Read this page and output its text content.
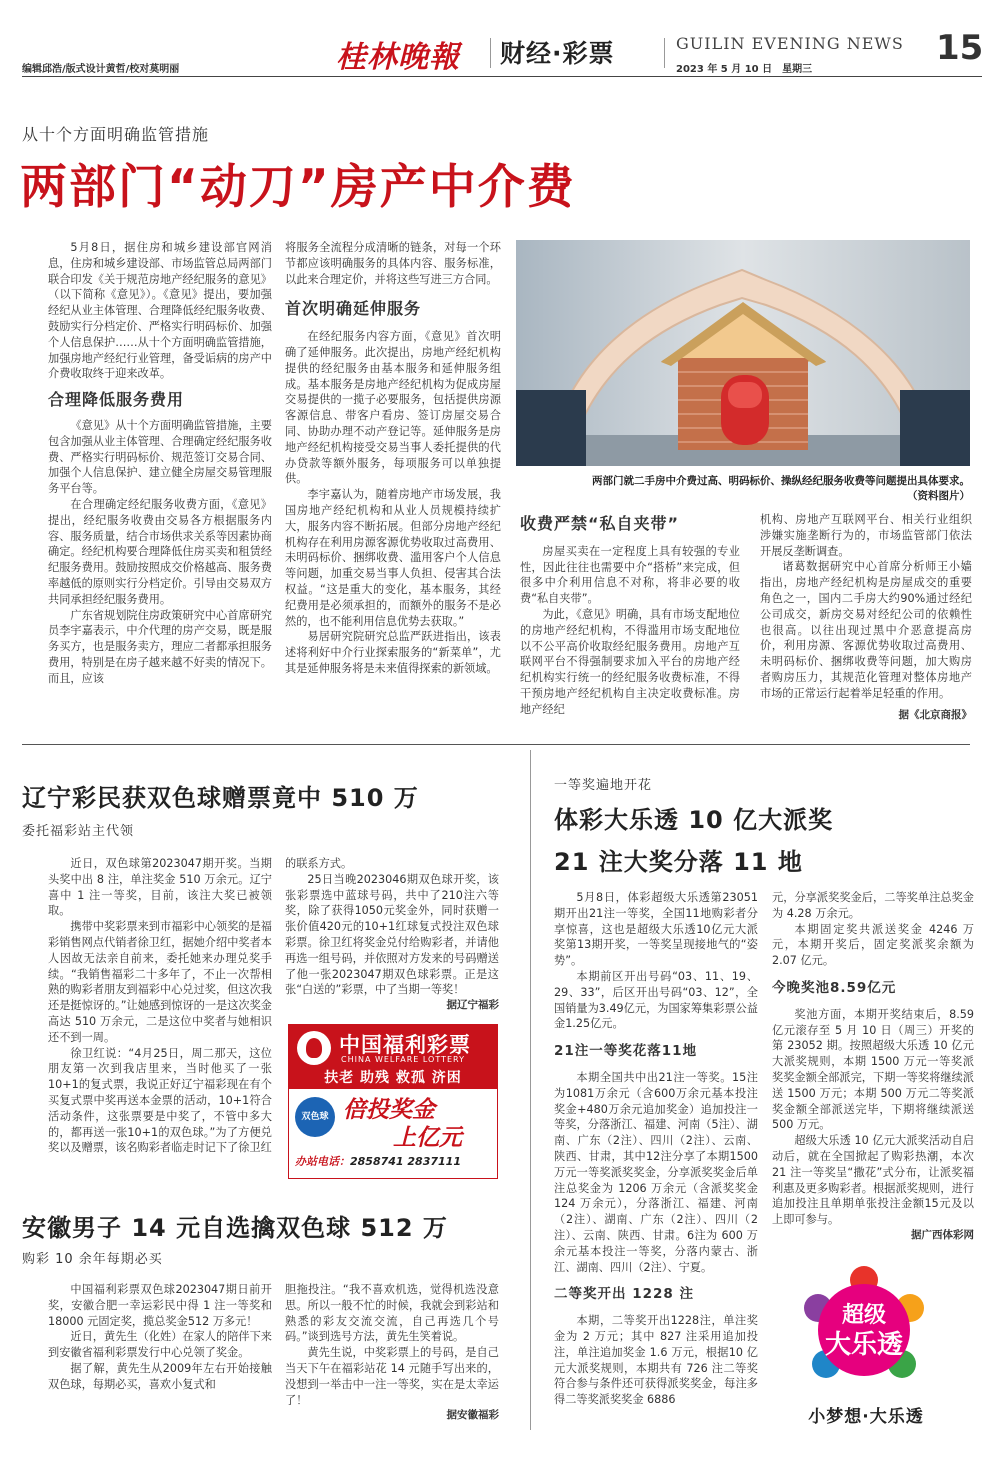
编辑邱浩/版式设计黄哲/校对莫明丽	桂林晚報 财经·彩票	GUILIN EVENING NEWS
2023 年 5 月 10 日　星期三
15
从十个方面明确监管措施
两部门“动刀”房产中介费

5月8日，据住房和城乡建设部官网消息，住房和城乡建设部、市场监管总局两部门联合印发《关于规范房地产经纪服务的意见》（以下简称《意见》）。《意见》提出，要加强经纪从业主体管理、合理降低经纪服务收费、鼓励实行分档定价、严格实行明码标价、加强个人信息保护……从十个方面明确监管措施，加强房地产经纪行业管理，备受诟病的房产中介费收取终于迎来改革。

合理降低服务费用

《意见》从十个方面明确监管措施，主要包含加强从业主体管理、合理确定经纪服务收费、严格实行明码标价、规范签订交易合同、加强个人信息保护、建立健全房屋交易管理服务平台等。

在合理确定经纪服务收费方面，《意见》提出，经纪服务收费由交易各方根据服务内容、服务质量，结合市场供求关系等因素协商确定。经纪机构要合理降低住房买卖和租赁经纪服务费用。鼓励按照成交价格越高、服务费率越低的原则实行分档定价。引导由交易双方共同承担经纪服务费用。

广东省规划院住房政策研究中心首席研究员李宇嘉表示，中介代理的房产交易，既是服务买方，也是服务卖方，理应二者都承担服务费用，特别是在房子越来越不好卖的情况下。而且，应该

将服务全流程分成清晰的链条，对每一个环节都应该明确服务的具体内容、服务标准，以此来合理定价，并将这些写进三方合同。

首次明确延伸服务

在经纪服务内容方面，《意见》首次明确了延伸服务。此次提出，房地产经纪机构提供的经纪服务由基本服务和延伸服务组成。基本服务是房地产经纪机构为促成房屋交易提供的一揽子必要服务，包括提供房源客源信息、带客户看房、签订房屋交易合同、协助办理不动产登记等。延伸服务是房地产经纪机构接受交易当事人委托提供的代办贷款等额外服务，每项服务可以单独提供。

李宇嘉认为，随着房地产市场发展，我国房地产经纪机构和从业人员规模持续扩大，服务内容不断拓展。但部分房地产经纪机构存在利用房源客源优势收取过高费用、未明码标价、捆绑收费、滥用客户个人信息等问题，加重交易当事人负担、侵害其合法权益。“这是重大的变化，基本服务，其经纪费用是必须承担的，而额外的服务不是必然的，也不能利用信息优势去获取。”

易居研究院研究总监严跃进指出，该表述将利好中介行业探索服务的“新菜单”，尤其是延伸服务将是未来值得探索的新领域。

两部门就二手房中介费过高、明码标价、操纵经纪服务收费等问题提出具体要求。
（资料图片）
收费严禁“私自夹带”

房屋买卖在一定程度上具有较强的专业性，因此往往也需要中介“搭桥”来完成，但很多中介利用信息不对称，将非必要的收费“私自夹带”。

为此，《意见》明确，具有市场支配地位的房地产经纪机构，不得滥用市场支配地位以不公平高价收取经纪服务费用。房地产互联网平台不得强制要求加入平台的房地产经纪机构实行统一的经纪服务收费标准，不得干预房地产经纪机构自主决定收费标准。房地产经纪

机构、房地产互联网平台、相关行业组织涉嫌实施垄断行为的，市场监管部门依法开展反垄断调查。

诸葛数据研究中心首席分析师王小嫱指出，房地产经纪机构是房屋成交的重要角色之一，国内二手房大约90%通过经纪公司成交，新房交易对经纪公司的依赖性也很高。以往出现过黑中介恶意提高房价，利用房源、客源优势收取过高费用、未明码标价、捆绑收费等问题，加大购房者购房压力，其规范化管理对整体房地产市场的正常运行起着举足轻重的作用。

据《北京商报》
辽宁彩民获双色球赠票竟中 510 万
委托福彩站主代领

近日，双色球第2023047期开奖。当期头奖中出 8 注，单注奖金 510 万余元。辽宁喜中 1 注一等奖，目前，该注大奖已被领取。

携带中奖彩票来到市福彩中心领奖的是福彩销售网点代销者徐卫红，据她介绍中奖者本人因故无法亲自前来，委托她来办理兑奖手续。“我销售福彩二十多年了，不止一次帮相熟的购彩者朋友到福彩中心兑过奖，但这次我还是挺惊讶的。”让她感到惊讶的一是这次奖金高达 510 万余元，二是这位中奖者与她相识还不到一周。

徐卫红说：“4月25日，周二那天，这位朋友第一次到我店里来，当时他买了一张10+1的复式票，我说正好辽宁福彩现在有个买复式票中奖再送本金票的活动，10+1符合活动条件，这张票要是中奖了，不管中多大的，都再送一张10+1的双色球。”为了方便兑奖以及赠票，该名购彩者临走时记下了徐卫红

的联系方式。

25日当晚2023046期双色球开奖，该张彩票选中蓝球号码，共中了210注六等奖，除了获得1050元奖金外，同时获赠一张价值420元的10+1红球复式投注双色球彩票。徐卫红将奖金兑付给购彩者，并请他再选一组号码，并依照对方发来的号码赠送了他一张2023047期双色球彩票。正是这张“白送的”彩票，中了当期一等奖！

据辽宁福彩
中国福利彩票
CHINA WELFARE LOTTERY
扶老 助残 救孤 济困
双色球 倍投奖金
上亿元
办站电话：2858741 2837111
安徽男子 14 元自选擒双色球 512 万
购彩 10 余年每期必买

中国福利彩票双色球2023047期日前开奖，安徽合肥一幸运彩民中得 1 注一等奖和 18000 元固定奖，揽总奖金512 万多元！

近日，黄先生（化姓）在家人的陪伴下来到安徽省福利彩票发行中心兑领了奖金。

据了解，黄先生从2009年左右开始接触双色球，每期必买，喜欢小复式和

胆拖投注。“我不喜欢机选，觉得机选没意思。所以一般不忙的时候，我就会到彩站和熟悉的彩友交流交流，自己再选几个号码。”谈到选号方法，黄先生笑着说。

黄先生说，中奖彩票上的号码，是自己当天下午在福彩站花 14 元随手写出来的，没想到一举击中一注一等奖，实在是太幸运了！

据安徽福彩
一等奖遍地开花
体彩大乐透 10 亿大派奖
21 注大奖分落 11 地

5月8日，体彩超级大乐透第23051期开出21注一等奖，全国11地购彩者分享惊喜，这也是超级大乐透10亿元大派奖第13期开奖，一等奖呈现接地气的“姿势”。

本期前区开出号码“03、11、19、29、33”，后区开出号码“03、12”，全国销量为3.49亿元，为国家筹集彩票公益金1.25亿元。

21注一等奖花落11地

本期全国共中出21注一等奖。15注为1081万余元（含600万余元基本投注奖金+480万余元追加奖金）追加投注一等奖，分落浙江、福建、河南（5注）、湖南、广东（2注）、四川（2注）、云南、陕西、甘肃，其中12注分享了本期1500万元一等奖派奖奖金，分享派奖奖金后单注总奖金为 1206 万余元（含派奖奖金 124 万余元），分落浙江、福建、河南（2注）、湖南、广东（2注）、四川（2注）、云南、陕西、甘肃。6注为 600 万余元基本投注一等奖，分落内蒙古、浙江、湖南、四川（2注）、宁夏。

二等奖开出 1228 注

本期，二等奖开出1228注，单注奖金为 2 万元；其中 827 注采用追加投注，单注追加奖金 1.6 万元，根据10 亿元大派奖规则，本期共有 726 注二等奖符合参与条件还可获得派奖奖金，每注多得二等奖派奖奖金 6886

元，分享派奖奖金后，二等奖单注总奖金为 4.28 万余元。

本期固定奖共派送奖金 4246 万元，本期开奖后，固定奖派奖余额为2.07 亿元。

今晚奖池8.59亿元

奖池方面，本期开奖结束后，8.59 亿元滚存至 5 月 10 日（周三）开奖的第 23052 期。按照超级大乐透 10 亿元大派奖规则，本期 1500 万元一等奖派奖奖金额全部派完，下期一等奖将继续派送 1500 万元；本期 500 万元二等奖派奖金额全部派送完毕，下期将继续派送 500 万元。

超级大乐透 10 亿元大派奖活动自启动后，就在全国掀起了购彩热潮，本次 21 注一等奖呈“撒花”式分布，让派奖福利惠及更多购彩者。根据派奖规则，进行追加投注且单期单张投注金额15元及以上即可参与。

据广西体彩网
超级
大乐透
小梦想·大乐透
